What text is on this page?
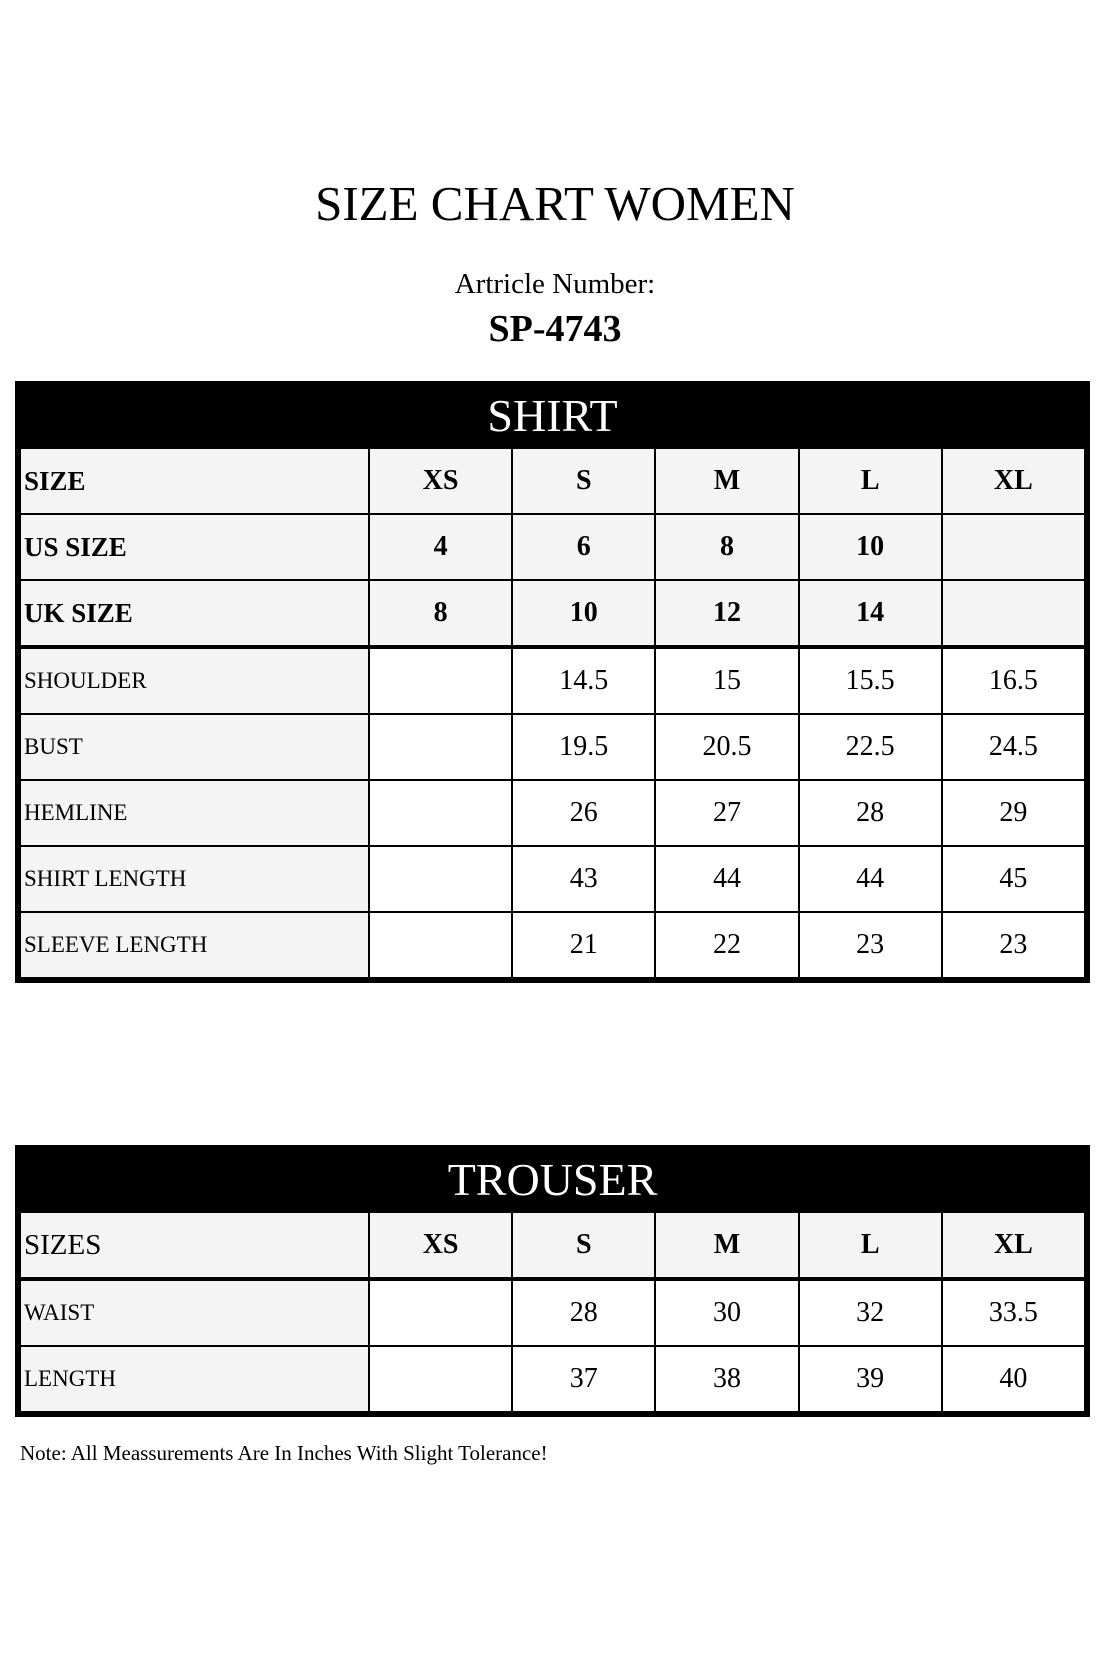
SIZE CHART WOMEN
Artricle Number:
SP-4743
SHIRT
SIZE	XS	S	M	L	XL
US SIZE	4	6	8	10	
UK SIZE	8	10	12	14	
SHOULDER		14.5	15	15.5	16.5
BUST		19.5	20.5	22.5	24.5
HEMLINE		26	27	28	29
SHIRT LENGTH		43	44	44	45
SLEEVE LENGTH		21	22	23	23
TROUSER
SIZES	XS	S	M	L	XL
WAIST		28	30	32	33.5
LENGTH		37	38	39	40

Note: All Meassurements Are In Inches With Slight Tolerance!
